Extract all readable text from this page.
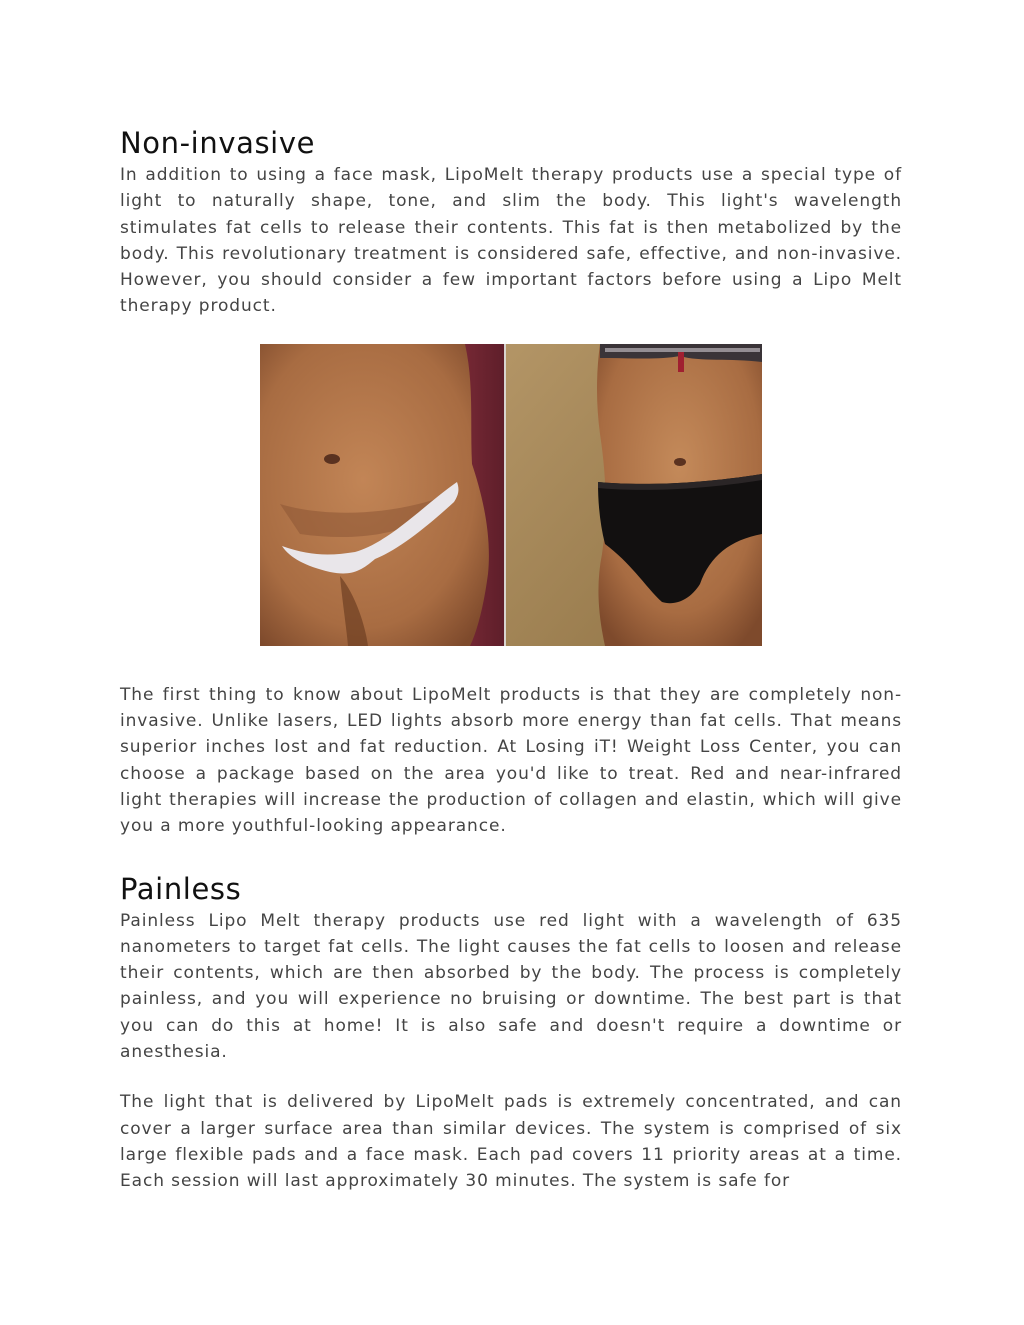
Non-invasive

In addition to using a face mask, LipoMelt therapy products use a special type of light to naturally shape, tone, and slim the body. This light's wavelength stimulates fat cells to release their contents. This fat is then metabolized by the body. This revolutionary treatment is considered safe, effective, and non-invasive. However, you should consider a few important factors before using a Lipo Melt therapy product.

The first thing to know about LipoMelt products is that they are completely non-invasive. Unlike lasers, LED lights absorb more energy than fat cells. That means superior inches lost and fat reduction. At Losing iT! Weight Loss Center, you can choose a package based on the area you'd like to treat. Red and near-infrared light therapies will increase the production of collagen and elastin, which will give you a more youthful-looking appearance.

Painless

Painless Lipo Melt therapy products use red light with a wavelength of 635 nanometers to target fat cells. The light causes the fat cells to loosen and release their contents, which are then absorbed by the body. The process is completely painless, and you will experience no bruising or downtime. The best part is that you can do this at home! It is also safe and doesn't require a downtime or anesthesia.

The light that is delivered by LipoMelt pads is extremely concentrated, and can cover a larger surface area than similar devices. The system is comprised of six large flexible pads and a face mask. Each pad covers 11 priority areas at a time. Each session will last approximately 30 minutes. The system is safe for
